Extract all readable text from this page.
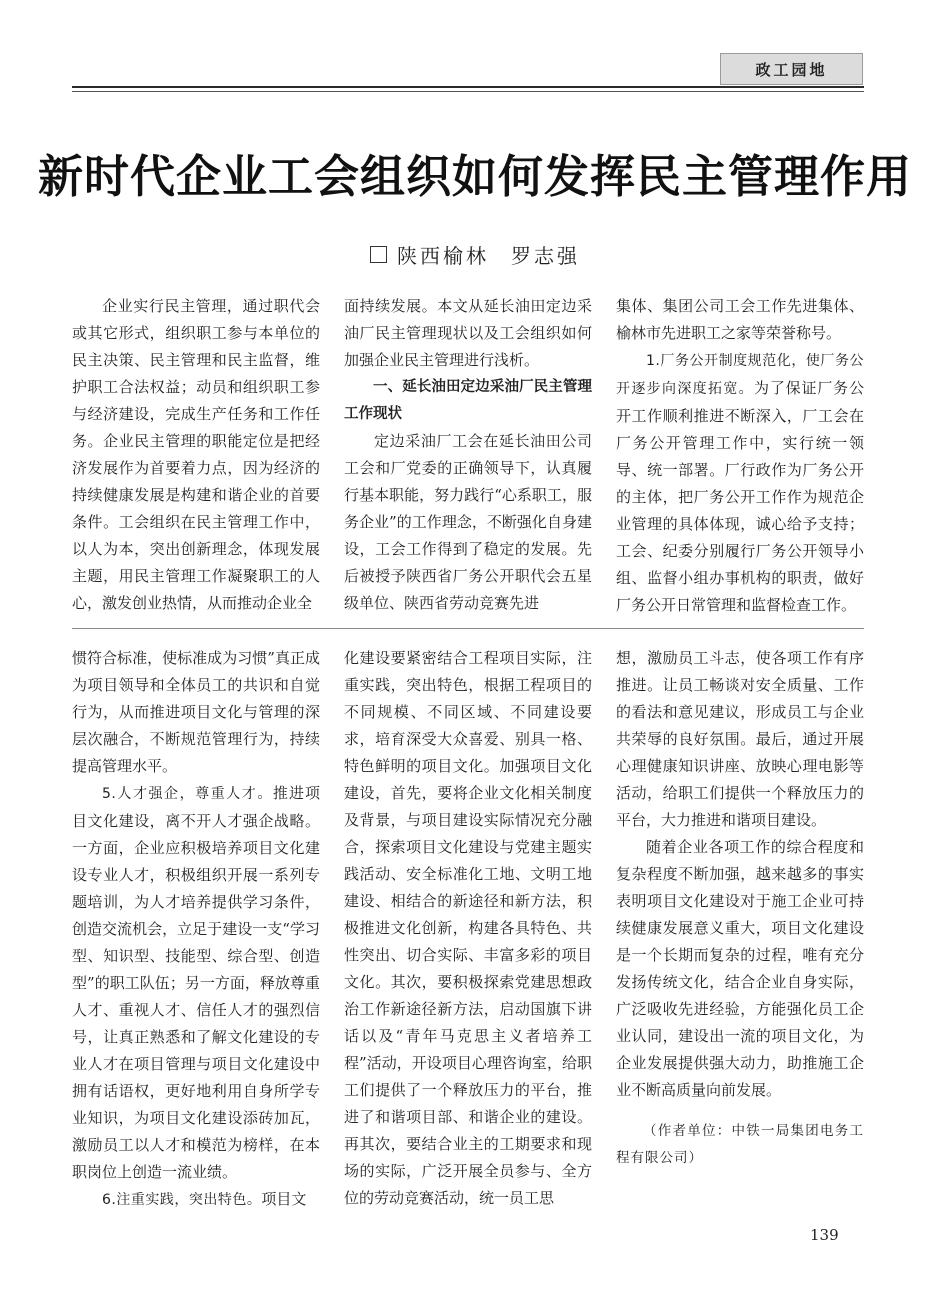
政工园地
新时代企业工会组织如何发挥民主管理作用
陕西榆林 罗志强

企业实行民主管理，通过职代会或其它形式，组织职工参与本单位的民主决策、民主管理和民主监督，维护职工合法权益；动员和组织职工参与经济建设，完成生产任务和工作任务。企业民主管理的职能定位是把经济发展作为首要着力点，因为经济的持续健康发展是构建和谐企业的首要条件。工会组织在民主管理工作中，以人为本，突出创新理念，体现发展主题，用民主管理工作凝聚职工的人心，激发创业热情，从而推动企业全

面持续发展。本文从延长油田定边采油厂民主管理现状以及工会组织如何加强企业民主管理进行浅析。

一、延长油田定边采油厂民主管理工作现状

定边采油厂工会在延长油田公司工会和厂党委的正确领导下，认真履行基本职能，努力践行“心系职工，服务企业”的工作理念，不断强化自身建设，工会工作得到了稳定的发展。先后被授予陕西省厂务公开职代会五星级单位、陕西省劳动竞赛先进

集体、集团公司工会工作先进集体、榆林市先进职工之家等荣誉称号。

1.厂务公开制度规范化，使厂务公开逐步向深度拓宽。为了保证厂务公开工作顺利推进不断深入，厂工会在厂务公开管理工作中，实行统一领导、统一部署。厂行政作为厂务公开的主体，把厂务公开工作作为规范企业管理的具体体现，诚心给予支持；工会、纪委分别履行厂务公开领导小组、监督小组办事机构的职责，做好厂务公开日常管理和监督检查工作。

惯符合标准，使标准成为习惯”真正成为项目领导和全体员工的共识和自觉行为，从而推进项目文化与管理的深层次融合，不断规范管理行为，持续提高管理水平。

5.人才强企，尊重人才。推进项目文化建设，离不开人才强企战略。一方面，企业应积极培养项目文化建设专业人才，积极组织开展一系列专题培训，为人才培养提供学习条件，创造交流机会，立足于建设一支“学习型、知识型、技能型、综合型、创造型”的职工队伍；另一方面，释放尊重人才、重视人才、信任人才的强烈信号，让真正熟悉和了解文化建设的专业人才在项目管理与项目文化建设中拥有话语权，更好地利用自身所学专业知识，为项目文化建设添砖加瓦，激励员工以人才和模范为榜样，在本职岗位上创造一流业绩。

6.注重实践，突出特色。项目文

化建设要紧密结合工程项目实际，注重实践，突出特色，根据工程项目的不同规模、不同区域、不同建设要求，培育深受大众喜爱、别具一格、特色鲜明的项目文化。加强项目文化建设，首先，要将企业文化相关制度及背景，与项目建设实际情况充分融合，探索项目文化建设与党建主题实践活动、安全标准化工地、文明工地建设、相结合的新途径和新方法，积极推进文化创新，构建各具特色、共性突出、切合实际、丰富多彩的项目文化。其次，要积极探索党建思想政治工作新途径新方法，启动国旗下讲话以及“青年马克思主义者培养工程”活动，开设项目心理咨询室，给职工们提供了一个释放压力的平台，推进了和谐项目部、和谐企业的建设。再其次，要结合业主的工期要求和现场的实际，广泛开展全员参与、全方位的劳动竞赛活动，统一员工思

想，激励员工斗志，使各项工作有序推进。让员工畅谈对安全质量、工作的看法和意见建议，形成员工与企业共荣辱的良好氛围。最后，通过开展心理健康知识讲座、放映心理电影等活动，给职工们提供一个释放压力的平台，大力推进和谐项目建设。

随着企业各项工作的综合程度和复杂程度不断加强，越来越多的事实表明项目文化建设对于施工企业可持续健康发展意义重大，项目文化建设是一个长期而复杂的过程，唯有充分发扬传统文化，结合企业自身实际，广泛吸收先进经验，方能强化员工企业认同，建设出一流的项目文化，为企业发展提供强大动力，助推施工企业不断高质量向前发展。

（作者单位：中铁一局集团电务工程有限公司）

139
